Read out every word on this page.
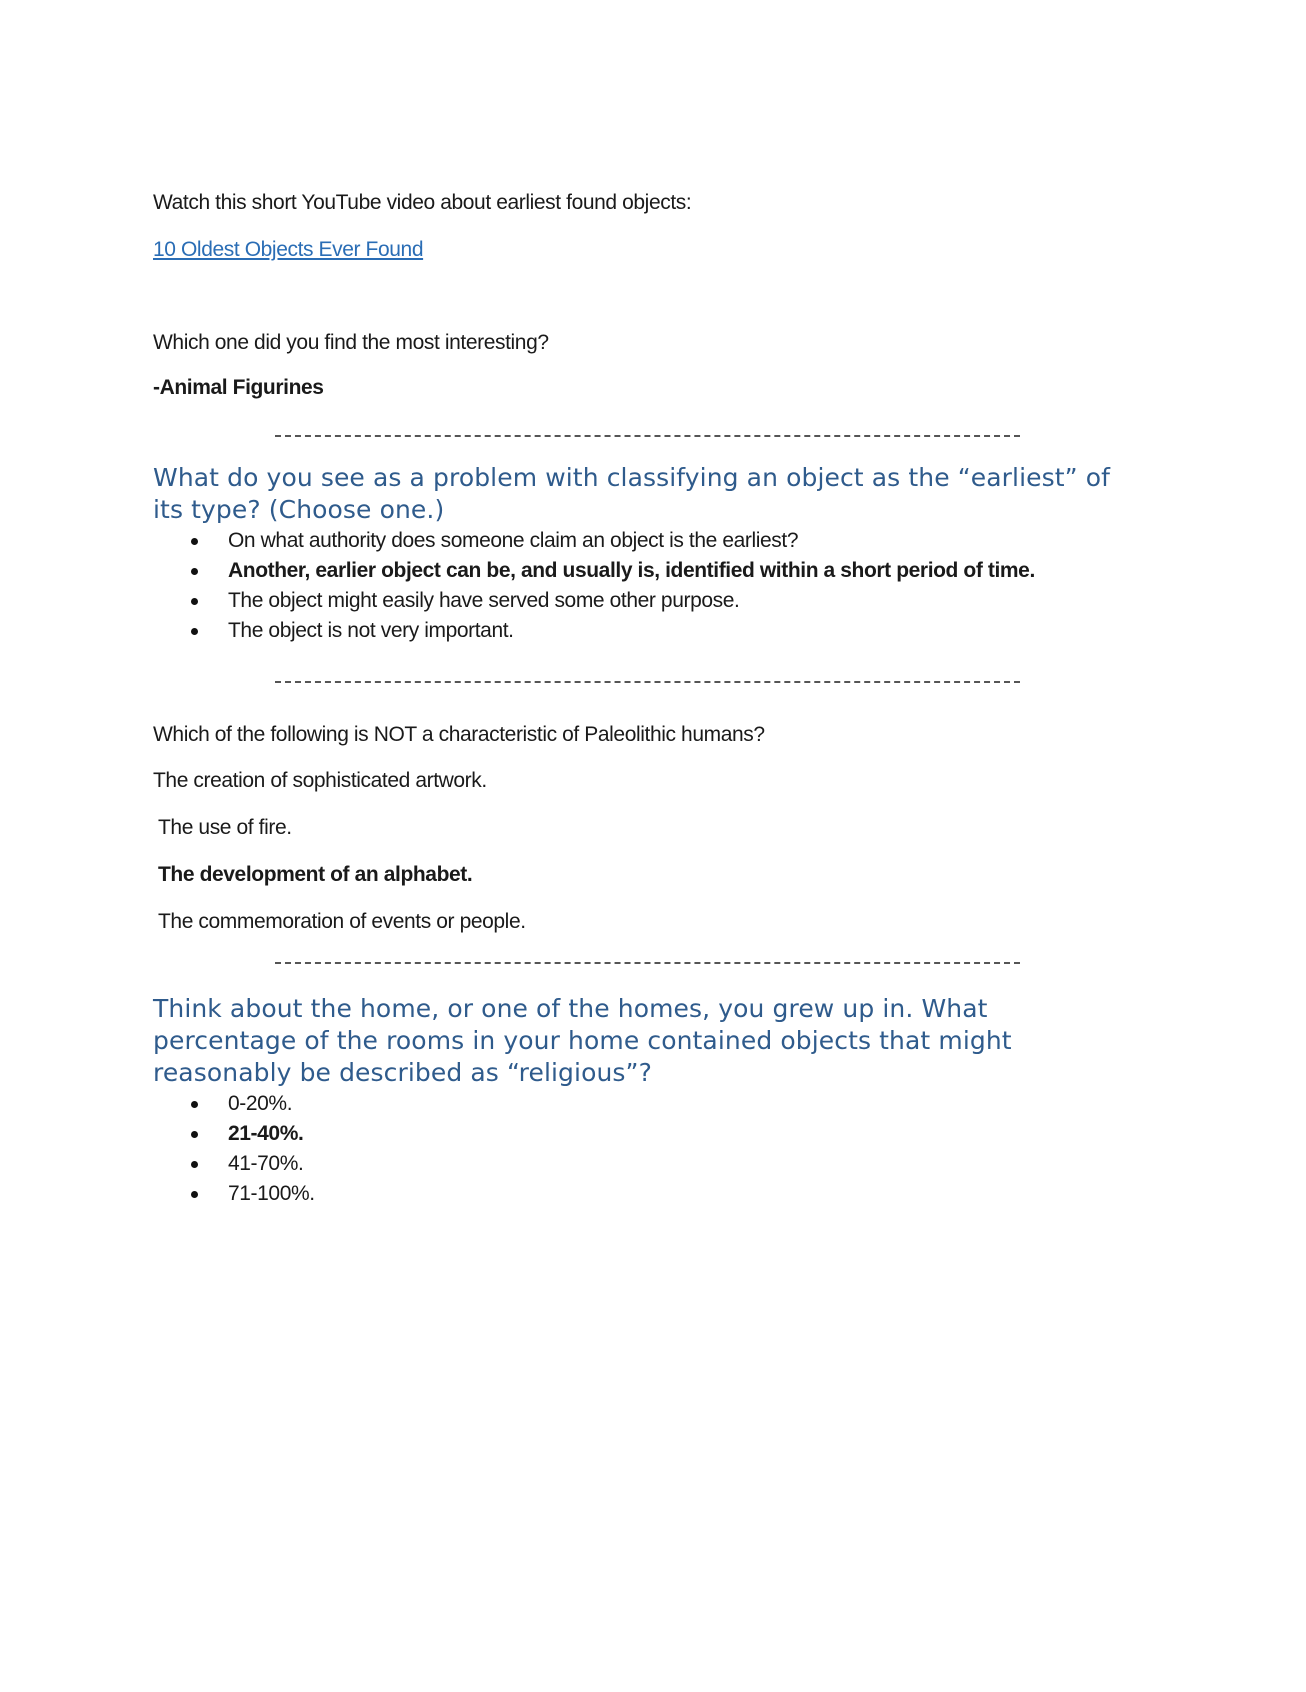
Watch this short YouTube video about earliest found objects:
10 Oldest Objects Ever Found
Which one did you find the most interesting?
-Animal Figurines
What do you see as a problem with classifying an object as the “earliest” of its type? (Choose one.)
On what authority does someone claim an object is the earliest?
Another, earlier object can be, and usually is, identified within a short period of time.
The object might easily have served some other purpose.
The object is not very important.
Which of the following is NOT a characteristic of Paleolithic humans?
The creation of sophisticated artwork.
The use of fire.
The development of an alphabet.
The commemoration of events or people.
Think about the home, or one of the homes, you grew up in. What percentage of the rooms in your home contained objects that might reasonably be described as “religious”?
0-20%.
21-40%.
41-70%.
71-100%.
